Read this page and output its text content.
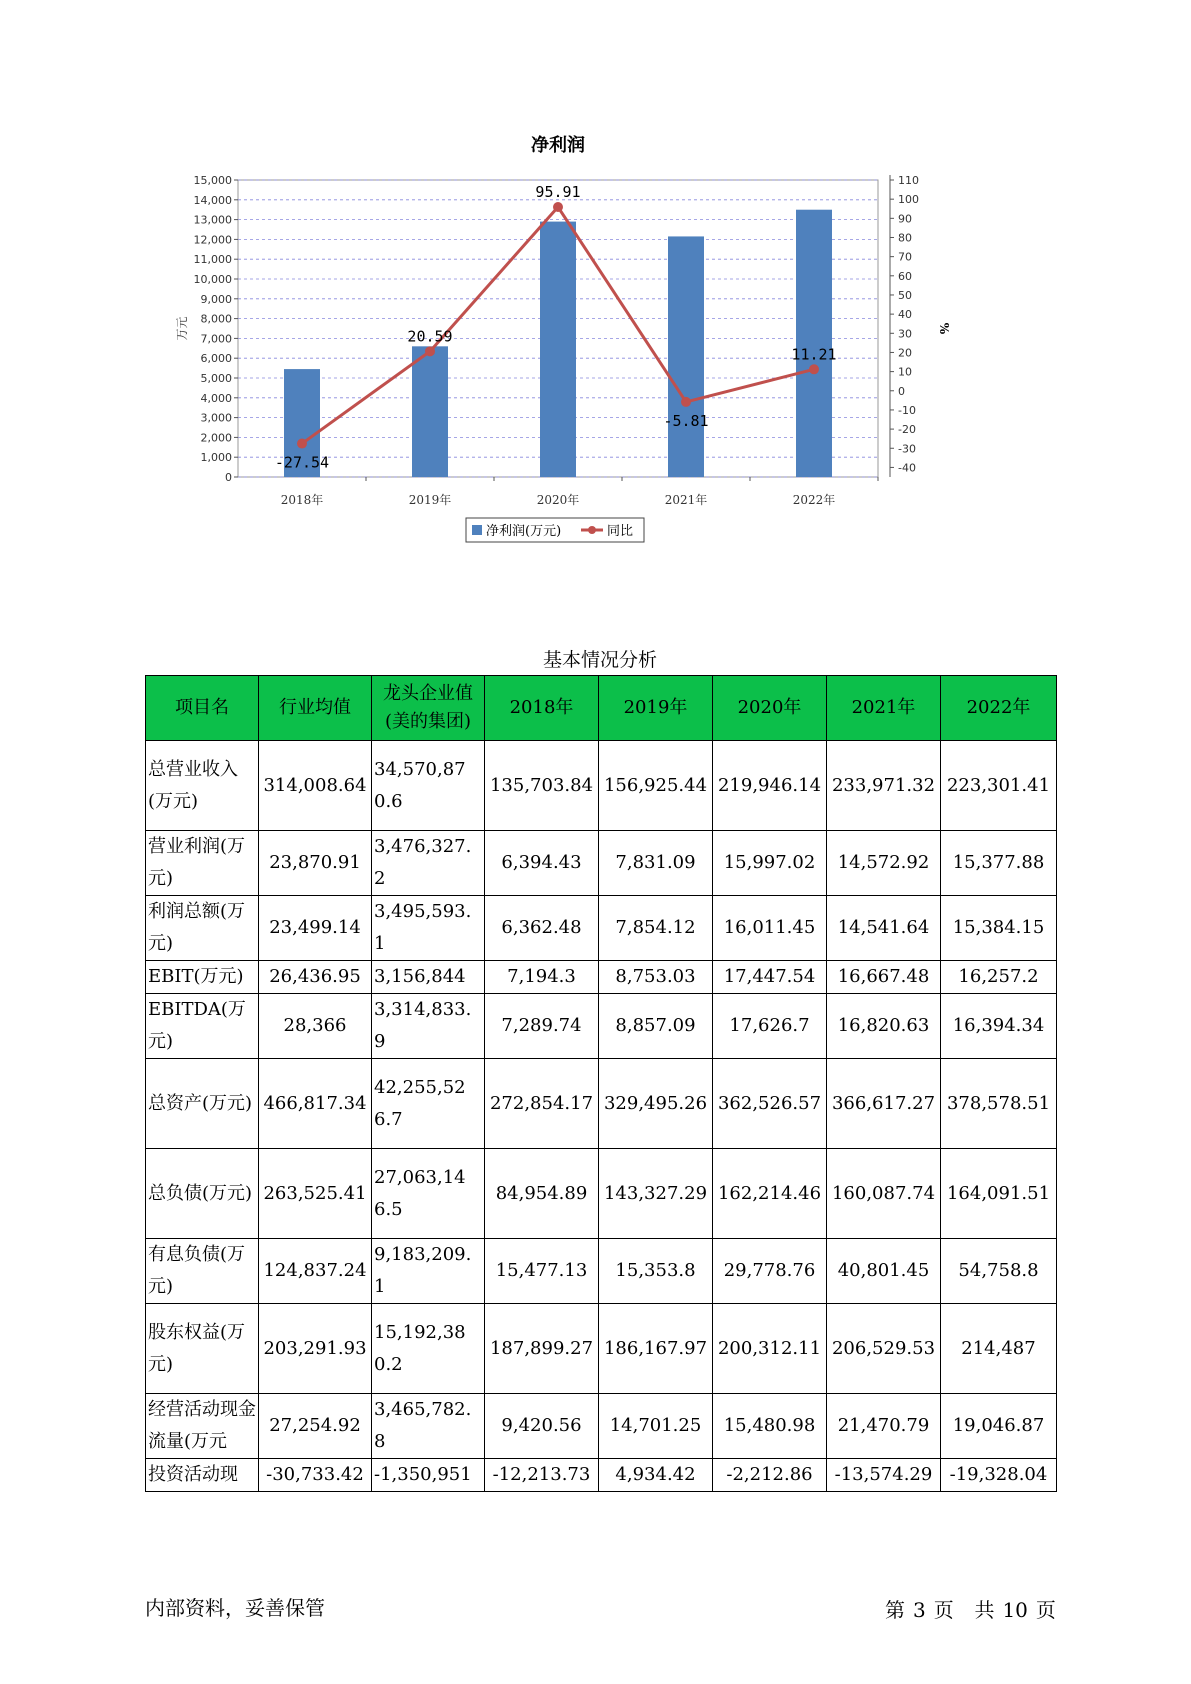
净利润
0
1,000
2,000
3,000
4,000
5,000
6,000
7,000
8,000
9,000
10,000
11,000
12,000
13,000
14,000
15,000
-40
-30
-20
-10
0
10
20
30
40
50
60
70
80
90
100
110
万元	%
2018年	2019年	2020年	2021年	2022年
-27.54
20.59
95.91
-5.81
11.21
净利润(万元)	同比
基本情况分析
项目名	行业均值	龙头企业值(美的集团)	2018年	2019年	2020年	2021年	2022年
总营业收入(万元)	314,008.64	34,570,870.6	135,703.84	156,925.44	219,946.14	233,971.32	223,301.41
营业利润(万元)	23,870.91	3,476,327.2	6,394.43	7,831.09	15,997.02	14,572.92	15,377.88
利润总额(万元)	23,499.14	3,495,593.1	6,362.48	7,854.12	16,011.45	14,541.64	15,384.15
EBIT(万元)	26,436.95	3,156,844	7,194.3	8,753.03	17,447.54	16,667.48	16,257.2
EBITDA(万元)	28,366	3,314,833.9	7,289.74	8,857.09	17,626.7	16,820.63	16,394.34
总资产(万元)	466,817.34	42,255,526.7	272,854.17	329,495.26	362,526.57	366,617.27	378,578.51
总负债(万元)	263,525.41	27,063,146.5	84,954.89	143,327.29	162,214.46	160,087.74	164,091.51
有息负债(万元)	124,837.24	9,183,209.1	15,477.13	15,353.8	29,778.76	40,801.45	54,758.8
股东权益(万元)	203,291.93	15,192,380.2	187,899.27	186,167.97	200,312.11	206,529.53	214,487
经营活动现金流量(万元	27,254.92	3,465,782.8	9,420.56	14,701.25	15,480.98	21,470.79	19,046.87
投资活动现	-30,733.42	-1,350,951	-12,213.73	4,934.42	-2,212.86	-13,574.29	-19,328.04
内部资料，妥善保管	第 3 页 共 10 页
